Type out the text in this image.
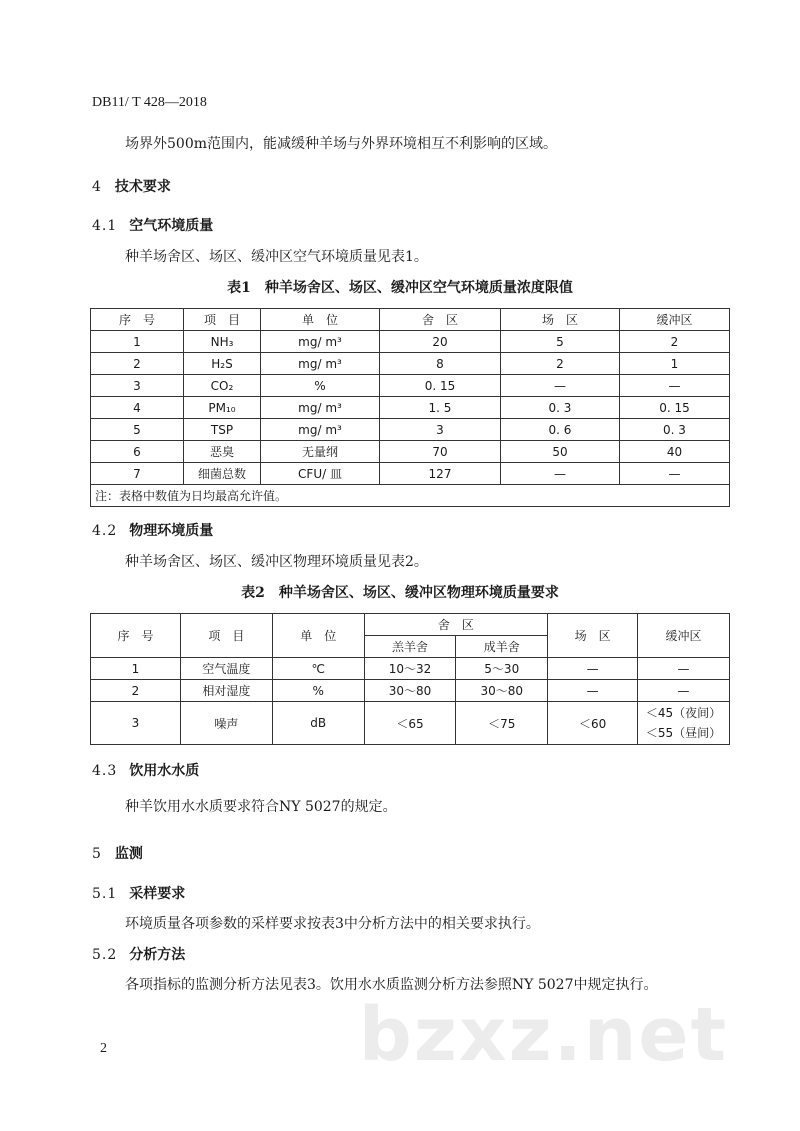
DB11/ T 428—2018
场界外500m范围内，能减缓种羊场与外界环境相互不利影响的区域。
4 技术要求
4.1 空气环境质量
种羊场舍区、场区、缓冲区空气环境质量见表1。
表1　种羊场舍区、场区、缓冲区空气环境质量浓度限值
序　号	项　目	单　位	舍　区	场　区	缓冲区
1	NH₃	mg/ m³	20	5	2
2	H₂S	mg/ m³	8	2	1
3	CO₂	%	0. 15	—	—
4	PM₁₀	mg/ m³	1. 5	0. 3	0. 15
5	TSP	mg/ m³	3	0. 6	0. 3
6	恶臭	无量纲	70	50	40
7	细菌总数	CFU/ 皿	127	—	—
注：表格中数值为日均最高允许值。					
4.2 物理环境质量
种羊场舍区、场区、缓冲区物理环境质量见表2。
表2　种羊场舍区、场区、缓冲区物理环境质量要求
序　号	项　目	单　位	舍　区		场　区	缓冲区
			羔羊舍	成羊舍		
1	空气温度	℃	10～32	5～30	—	—
2	相对湿度	%	30～80	30～80	—	—
3	噪声	dB	＜65	＜75	＜60	＜45（夜间）
＜55（昼间）
4.3 饮用水水质
种羊饮用水水质要求符合NY 5027的规定。
5 监测
5.1 采样要求
环境质量各项参数的采样要求按表3中分析方法中的相关要求执行。
5.2 分析方法
各项指标的监测分析方法见表3。饮用水水质监测分析方法参照NY 5027中规定执行。
bzxz.net
2
